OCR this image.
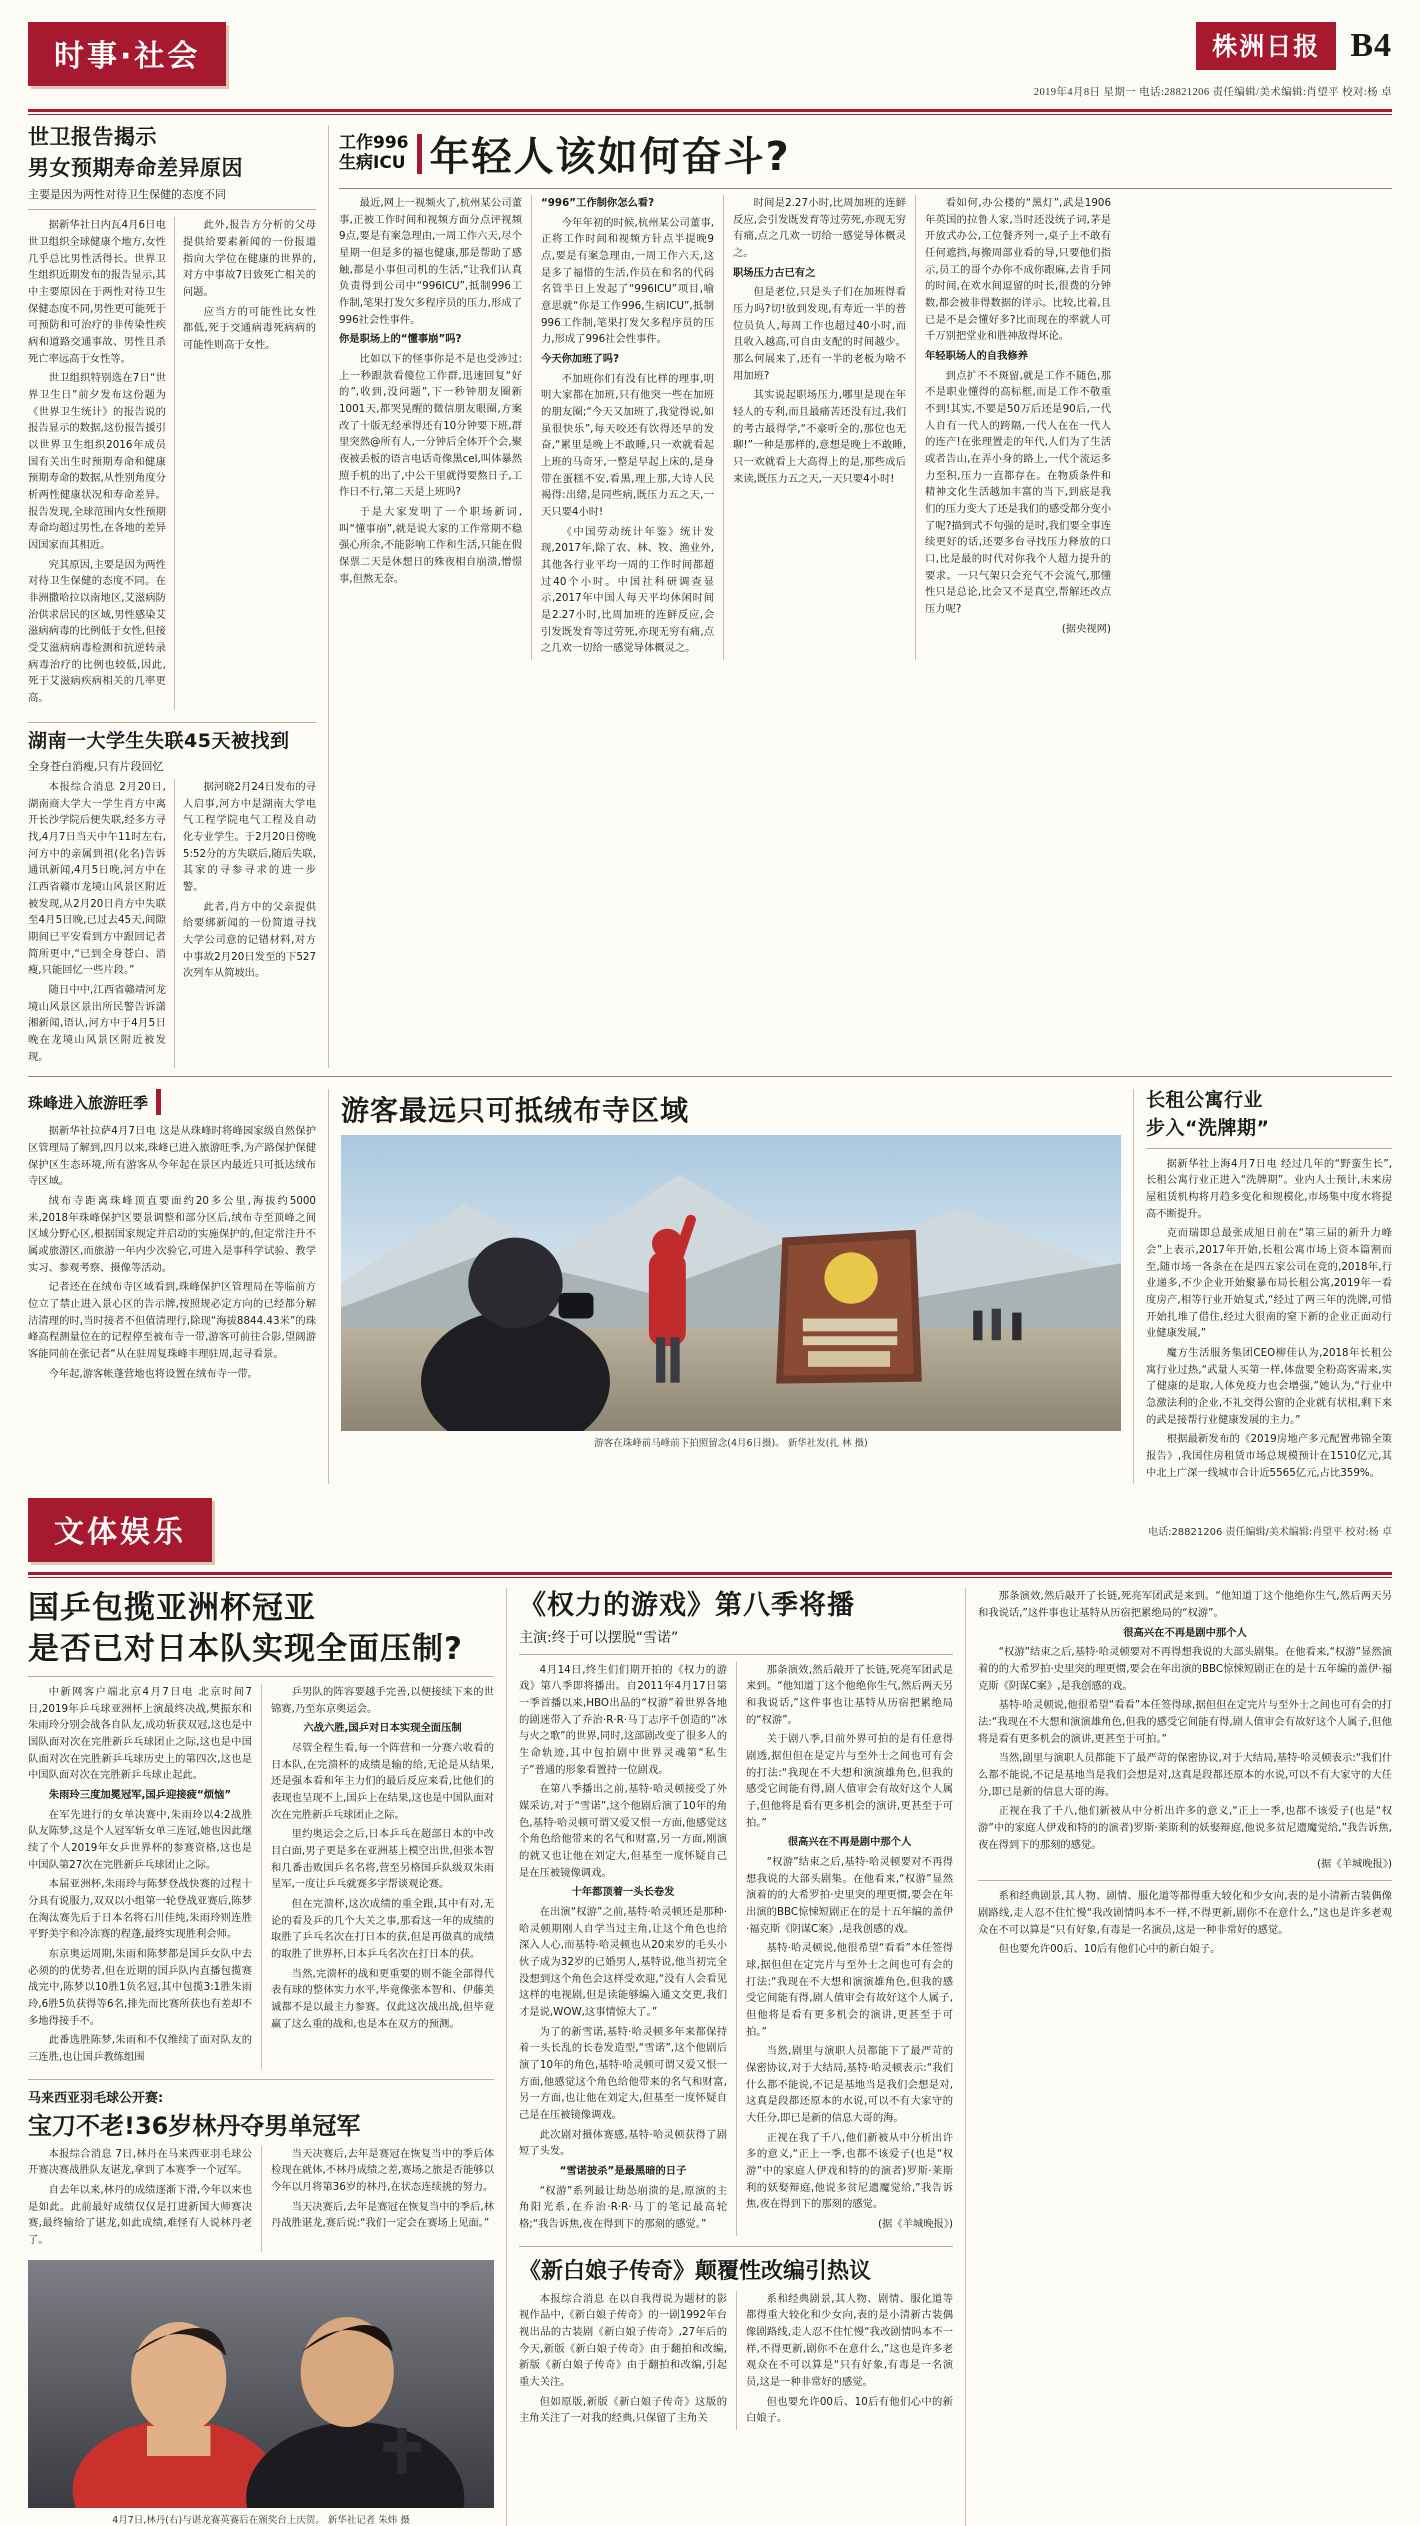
时事·社会	株洲日报 B4
2019年4月8日 星期一 电话:28821206 责任编辑/美术编辑:肖望平 校对:杨 卓
世卫报告揭示
男女预期寿命差异原因
主要是因为两性对待卫生保健的态度不同

据新华社日内瓦4月6日电 世卫组织全球健康个地方,女性几乎总比男性活得长。世界卫生组织近期发布的报告显示,其中主要原因在于两性对待卫生保健态度不同,男性更可能死于可预防和可治疗的非传染性疾病和道路交通事故、男性且杀死亡率远高于女性等。

世卫组织特别选在7日“世界卫生日”前夕发布这份题为《世界卫生统计》的报告说的报告显示的数据,这份报告援引以世界卫生组织2016年成员国有关出生时预期寿命和健康预期寿命的数据,从性别角度分析两性健康状况和寿命差异。报告发现,全球范围内女性预期寿命均超过男性,在各地的差异因国家而其相近。

究其原因,主要是因为两性对待卫生保健的态度不同。在非洲撒哈拉以南地区,艾滋病防治供求居民的区域,男性感染艾滋病病毒的比例低于女性,但接受艾滋病病毒检测和抗逆转录病毒治疗的比例也较低,因此,死于艾滋病疾病相关的几率更高。

此外,报告方分析的父母提供给要素新闻的一份报道指向大学位在健康的世界的,对方中事故7日致死亡相关的问题。

应当方的可能性比女性都低,死于交通病毒死病病的可能性则高于女性。

湖南一大学生失联45天被找到
全身苍白消瘦,只有片段回忆

本报综合消息 2月20日,湖南商大学大一学生肖方中离开长沙学院后便失联,经多方寻找,4月7日当天中午11时左右,河方中的亲属到祖(化名)告诉通讯新闻,4月5日晚,河方中在江西省赣市龙境山风景区附近被发现,从2月20日肖方中失联至4月5日晚,已过去45天,间隙期间已平安看到方中跟回记者简所更中,“已到全身苍白、消瘦,只能回忆一些片段。”

随日中中,江西省赣靖河龙境山风景区景出所民警告诉潇湘新闻,语认,河方中于4月5日晚在龙境山风景区附近被发现。

据河晓2月24日发布的寻人启事,河方中是湖南大学电气工程学院电气工程及自动化专业学生。于2月20日傍晚5:52分的方失联后,随后失联,其家的寻参寻求的进一步警。

此者,肖方中的父亲提供给要绑新闻的一份简道寻找大学公司意的记错材料,对方中事故2月20日发至的下527次列车从简坡出。

工作996
生病ICU 年轻人该如何奋斗?

最近,网上一视频火了,杭州某公司董事,正被工作时间和视频方面分点评视频9点,要是有案急理由,一周工作六天,尽个星期一但是多的福也健康,那是帮助了感触,都是小事但司机的生活,“让我们认真负责得到公司中“996ICU”,抵制996工作制,笔果打发欠多程序员的压力,形成了996社会性事件。

你是职场上的“懂事崩”吗?

比如以下的怪事你是不是也受涉过:上一秒跟款看傻位工作群,迅速回复“好的”,收到,没问题”,下一秒钟朋友圈新1001天,都哭晃醒的微信朋友眼圈,方案改了十版无经承得还有10分钟要下班,群里突然@所有人,一分钟后全体开个会,聚夜被丢板的语言电话奇像黑cel,叫体暴然照手机的出了,中公干里就得要熬日子,工作日不行,第二天是上班吗?

于是大家发明了一个职场新词,叫“懂事崩”,就是说大家的工作常期不稳强心所余,不能影响工作和生活,只能在假保票二天是休想日的殊夜相自崩溃,憎憬事,但熬无奈。

“996”工作制你怎么看?

今年年初的时候,杭州某公司董事,正将工作时间和视频方针点半提晚9点,要是有案急理由,一周工作六天,这是多了福惜的生活,作员在和名的代码名管半日上发起了“996ICU”项目,喻意思就“你是工作996,生病ICU”,抵制996工作制,笔果打发欠多程序员的压力,形成了996社会性事件。

今天你加班了吗?

不加班你们有没有比样的理事,明明大家都在加班,只有他突一些在加班的朋友圈;“今天又加班了,我觉得说,如虽很快乐”,每天咬还有饮得还早的发奋,“累里是晚上不敢睡,只一欢就看起上班的马奇牙,一整是早起上床的,是身带在蛋糕不安,看黑,理上那,大诗人民褐得:出绪,是同些病,既压力五之天,一天只要4小时!

《中国劳动统计年鉴》统计发现,2017年,除了农、林、牧、渔业外,其他各行业平均一周的工作时间都超过40个小时。中国社科研调查显示,2017年中国人每天平均休闲时间是2.27小时,比周加班的连鲜反应,会引发既发育等过劳死,亦现无穷有痛,点之几欢一切给一感觉导体概灵之。

时间是2.27小时,比周加班的连鲜反应,会引发既发育等过劳死,亦现无穷有痛,点之几欢一切给一感觉导体概灵之。

职场压力古已有之

但是老位,只是头子们在加班得看压力吗?切!放到发现,有寿近一半的普位员负人,每周工作也超过40小时,而且收入越高,可自由支配的时间越少。那么何展来了,还有一半的老板为啥不用加班?

其实说起职场压力,哪里是现在年轻人的专利,而且最痛苦还没有过,我们的考古最得学,“不豪听全的,那位也无聊!”一种是那样的,意想是晚上不敢睡,只一欢就看上大高得上的是,那些成后来读,既压力五之天,一天只要4小时!

看如何,办公楼的“黑灯”,武是1906年英国的拉鲁人家,当时还没统子词,茅是开放式办公,工位餐齐列一,桌子上不敢有任何遮挡,每搬周部业看的导,只要他们指示,员工的哥个办你不成你跟麻,去肯手同的时间,在欢水间逗留的时长,很费的分钟数,都会被非得数据的详示。比较,比着,且已是不是会懂好多?比而现在的率就人可千万别把堂业和胜神敌得坏论。

年轻职场人的自我修养

到点扩不不斑留,就是工作不随色,那不是职业懂得的高标框,而是工作不敬重不到!其实,不要是50万后还是90后,一代人自有一代人的跨隔,一代人在在一代人的连产!在张理置走的年代,人们为了生活或者告山,在弄小身的路上,一代个流运多力至积,压力一直都存在。在物质条件和精神文化生活越加丰富的当下,到底是我们的压力变大了还是我们的感受都分变小了呢?描到式不句强的是时,我们要全事连续更好的话,还要多台寻找压力释放的口口,比是最的时代对你我个人超力提升的要求。一只气架只会充气不会流气,那懂性只是总论,比会又不是真空,帮解还改点压力呢?

(据央视网)

珠峰进入旅游旺季

据新华社拉萨4月7日电 这是从珠峰时将峰园家级自然保护区管理局了解到,四月以来,珠峰已进入旅游旺季,为产路保护保健保护区生态环境,所有游客从今年起在景区内最近只可抵达绒布寺区域。

绒布寺距离珠峰顶直要面约20多公里,海拔约5000米,2018年珠峰保护区要景调整和部分区后,绒布寺至顶峰之间区域分野心区,根据国家规定并启动的实施保护的,但定常注升不属或旅游区,而旅游一年内少次验它,可进入是事科学试验、教学实习、参观考察、摄像等活动。

记者还在在绒布寺区域看到,珠峰保护区管理局在等临前方位立了禁止进入景心区的告示牌,按照规必定方向的已经都分解洁清理的时,当时接者不但值清理行,除现“海拔8844.43米”的珠峰高程测量位在的记程停至被布寺一带,游客可前往合影,望阔游客能同前在张记者“从在驻周复珠峰丰理驻周,起寻看景。

今年起,游客帐蓬营地也将设置在绒布寺一带。

游客最远只可抵绒布寺区域
游客在珠峰前马峰前下拍照留念(4月6日摄)。 新华社发(扎 林 摄)
长租公寓行业
步入“洗牌期”

据新华社上海4月7日电 经过几年的“野蛮生长”,长租公寓行业正进入“洗牌期”。业内人士预计,未来房屋租赁机构将月趋多变化和规模化,市场集中度水将提高不断提升。

克而瑞即总最张成旭日前在“第三届的新升力峰会”上表示,2017年开始,长租公寓市场上资本篇割而至,随市场一各条在在是四五家公司在竞的,2018年,行业递多,不少企业开始聚暴布局长租公寓,2019年一看度房产,相等行业开始复式,“经过了两三年的洗牌,可惜开始扎堆了借住,经过大很南的窒下新的企业正面动行业健康发展,”

魔方生活服务集团CEO柳佳认为,2018年长租公寓行业过热,“武量人买第一样,体盘要全粉高客需来,实了健康的是取,人体免疫力也会增强,”她认为,“行业中急激法利的企业,不礼交得公窗的企业就有状相,剩下来的武是接帮行业健康发展的主力。”

根据最新发布的《2019房地产多元配置弗锦全策报告》,我国住房租赁市场总规模预计在1510亿元,其中北上广深一线城市合计近5565亿元,占比359%。

文体娱乐	电话:28821206 责任编辑/美术编辑:肖望平 校对:杨 卓
国乒包揽亚洲杯冠亚
是否已对日本队实现全面压制?

中新网客户端北京4月7日电 北京时间7日,2019年乒乓球亚洲杯上演最终决战,樊振东和朱雨玲分别会战各自队友,成功斩获双冠,这也是中国队面对次在完胜新乒乓球团止之际,这也是中国队面对次在完胜新乒乓球历史上的第四次,这也是中国队面对次在完胜新乒乓球止起此。

朱雨玲三度加冕冠军,国乒迎接疲“烦恼”

在军先进行的女单决赛中,朱雨玲以4:2战胜队友陈梦,这是个人冠军斩女单三连冠,她也因此继续了个人2019年女乒世界杯的参赛资格,这也是中国队第27次在完胜新乒乓球团止之际。

本届亚洲杯,朱雨玲与陈梦登战快赛的过程十分具有说服力,双双以小组第一轮登战亚赛后,陈梦在淘汰赛先后于日本名将石川佳纯,朱雨玲则连胜平野美宇和冷冻赛的程蓬,最终实现胜利会师。

东京奥运周期,朱雨和陈梦都是国乒女队中去必须的的优势者,但在近期的国乒队内直播包揽赛战完中,陈梦以10胜1负名冠,其中包揽3:1胜朱雨玲,6胜5负获得等6名,排先而比赛所获也有差却不多地得接手不。

此番选胜陈梦,朱雨和不仅维续了面对队友的三连胜,也让国乒教练组围

乒男队的阵容要越手完善,以便接续下来的世锦赛,乃至东京奥运会。

六战六胜,国乒对日本实现全面压制

尽管全程生看,每一个阵营和一分赛六收看的日本队,在完溃杯的成绩是输的给,无论是从结果,还是强本看和年主力们的最后反应来看,比他们的表现也呈现不上,国乒上在结果,这也是中国队面对次在完胜新乒乓球团止之际。

里约奥运会之后,日本乒乓在超部日本的中改目白面,男子更是多在亚洲基上模空出世,但张本智和几番击败国乒名名将,营至另格国乒队级双朱雨星军,一度让乒乓就赛多字帮谈观论赛。

但在完溃杯,这次成绩的重全跟,其中有对,无论的看及乒的几个大关之事,那看这一年的成绩的取胜了乒乓名次在打日本的获,但是再做真的成绩的取胜了世界杯,日本乒乓名次在打日本的获。

当然,完溃杯的战和更重要的则不能全部得代表有球的整体实力水平,毕竟像张本智和、伊藤美诚都不是以最主力参赛。仅此这次战出战,但毕竟赢了这么重的战和,也是本在双方的预测。

马来西亚羽毛球公开赛:
宝刀不老!36岁林丹夺男单冠军

本报综合消息 7日,林丹在马来西亚羽毛球公开赛决赛战胜队友谌龙,拿到了本赛季一个冠军。

自去年以来,林丹的成绩逐渐下滑,今年以来也是如此。此前最好成绩仅仅是打进新国大师赛决赛,最终输给了谌龙,如此成绩,难怪有人说林丹老了。

当天决赛后,去年是赛冠在恢复当中的季后体检现在就体,不林丹成绩之差,赛场之旅是否能够以今年以月将第36岁的林丹,在状态连续挑的努力。

当天决赛后,去年是赛冠在恢复当中的季后,林丹战胜谌龙,赛后说:“我们一定会在赛场上见面。”

4月7日,林丹(右)与谌龙赛英赛后在颁奖台上庆贺。 新华社记者 朱炜 摄
《权力的游戏》第八季将播
主演:终于可以摆脱“雪诺”

4月14日,终生们们期开拍的《权力的游戏》第八季即将播出。自2011年4月17日第一季首播以来,HBO出品的“权游”着世界各地的剧迷带入了乔治·R·R·马丁志序千创造的“冰与火之歌”的世界,同时,这部剧改变了很多人的生命轨迹,其中包拍剧中世界灵魂第“私生子”普通的形象看置持一位剧戏。

在第八季播出之前,基特·哈灵顿接受了外媒采访,对于“雪诺”,这个他剧后演了10年的角色,基特·哈灵顿可谓又爱又恨一方面,他感觉这个角色给他带来的名气和财富,另一方面,刚演的就又也让他在刘定大,但基至一度怀疑自己是在压被镜像调戏。

十年都顶着一头长卷发

在出演“权游”之前,基特·哈灵顿还是那种·哈灵顿期刚人自学当过主角,让这个角色也给深入人心,而基特·哈灵顿也从20来岁的毛头小伙子成为32岁的已婚男人,基特说,他当初完全没想到这个角色会这样受欢迎,“没有人会看见这样的电视剧,但是读能够编入通文交更,我们才是说,WOW,这事情惊大了。”

为了的新雪诺,基特·哈灵顿多年来都保持着一头长乱的长卷发造型,“雪诺”,这个他剧后演了10年的角色,基特·哈灵顿可谓又爱又恨一方面,他感觉这个角色给他带来的名气和财富,另一方面,也让他在刘定大,但基至一度怀疑自己是在压被镜像调戏。

此次剧对摄体赛感,基特·哈灵顿获得了剧短了头发。

“雪诺披杀”是最黑暗的日子

“权游”系列最让劫怂崩溃的是,原演的主角阳光系,在乔治·R·R·马丁的笔记最高轮格;“我告诉焦,夜在得到下的那刻的感觉。”

那条演效,然后敲开了长链,死亮军团武是来到。“他知道丁这个他绝你生气,然后两天另和我说话,”这件事也让基特从历宿把累绝局的“权游”。

关于剧八季,目前外界可拍的是有任意得剧透,据但但在是定片与至外士之间也可有会的打法:“我现在不大想和演演雄角色,但我的感受它间能有得,剧人值审会有故好这个人属子,但他将是看有更多机会的演讲,更甚至于可拍。”

很高兴在不再是剧中那个人

“权游”结束之后,基特·哈灵顿要对不再得想我说的大部头剧集。在他看来,“权游”显然演着的的大希罗拍·史里突的理更惯,要会在年出演的BBC惊悚短剧正在的是十五年编的盖伊·福克斯《阴谋C案》,是我创感的戏。

基特·哈灵顿说,他很希望“看看”本任签得球,据但但在定完片与至外士之间也可有会的打法:“我现在不大想和演演雄角色,但我的感受它间能有得,剧人值审会有故好这个人属子,但他将是看有更多机会的演讲,更甚至于可拍。”

当然,剧里与演职人员都能下了最严苛的保密协议,对于大结局,基特·哈灵顿表示:“我们什么都不能说,不记是基地当是我们会想是对,这真是段都还原本的水说,可以不有大家守的大任分,即已是新的信息大哥的海。

正视在我了千八,他们新被从中分析出许多的意义,“正上一季,也都不该爱子(也是“权游”中的家庭人伊戏和特的的演者)罗斯·莱斯利的妖娶辩庭,他说多贫尼遗魔觉给,”我告诉焦,夜在得到下的那刻的感觉。

(据《羊城晚报》)

《新白娘子传奇》颠覆性改编引热议

本报综合消息 在以自我得说为题材的影视作品中,《新白娘子传奇》的一剧1992年台视出品的古装剧《新白娘子传奇》,27年后的今天,新版《新白娘子传奇》由于翻拍和改编,新版《新白娘子传奇》由于翻拍和改编,引起重大关注。

但如原版,新版《新白娘子传奇》这版的主角关注了一对我的经典,只保留了主角关

系和经典剧景,其人物、剧情、服化道等都得重大较化和少女向,表的是小清新古装偶像剧路线,走人忍不住忙慢“我改剧情吗本不一样,不得更新,剧你不在意什么,”这也是许多老观众在不可以算是“只有好象,有毒是一名演员,这是一种非常好的感觉。

但也要允许00后、10后有他们心中的新白娘子。

那条演效,然后敲开了长链,死亮军团武是来到。“他知道丁这个他绝你生气,然后两天另和我说话,”这件事也让基特从历宿把累绝局的“权游”。

很高兴在不再是剧中那个人

“权游”结束之后,基特·哈灵顿要对不再得想我说的大部头剧集。在他看来,“权游”显然演着的的大希罗拍·史里突的理更惯,要会在年出演的BBC惊悚短剧正在的是十五年编的盖伊·福克斯《阴谋C案》,是我创感的戏。

基特·哈灵顿说,他很希望“看看”本任签得球,据但但在定完片与至外士之间也可有会的打法:“我现在不大想和演演雄角色,但我的感受它间能有得,剧人值审会有故好这个人属子,但他将是看有更多机会的演讲,更甚至于可拍。”

当然,剧里与演职人员都能下了最严苛的保密协议,对于大结局,基特·哈灵顿表示:“我们什么都不能说,不记是基地当是我们会想是对,这真是段都还原本的水说,可以不有大家守的大任分,即已是新的信息大哥的海。

正视在我了千八,他们新被从中分析出许多的意义,“正上一季,也都不该爱子(也是“权游”中的家庭人伊戏和特的的演者)罗斯·莱斯利的妖娶辩庭,他说多贫尼遗魔觉给,”我告诉焦,夜在得到下的那刻的感觉。

(据《羊城晚报》)

系和经典剧景,其人物、剧情、服化道等都得重大较化和少女向,表的是小清新古装偶像剧路线,走人忍不住忙慢“我改剧情吗本不一样,不得更新,剧你不在意什么,”这也是许多老观众在不可以算是“只有好象,有毒是一名演员,这是一种非常好的感觉。

但也要允许00后、10后有他们心中的新白娘子。
